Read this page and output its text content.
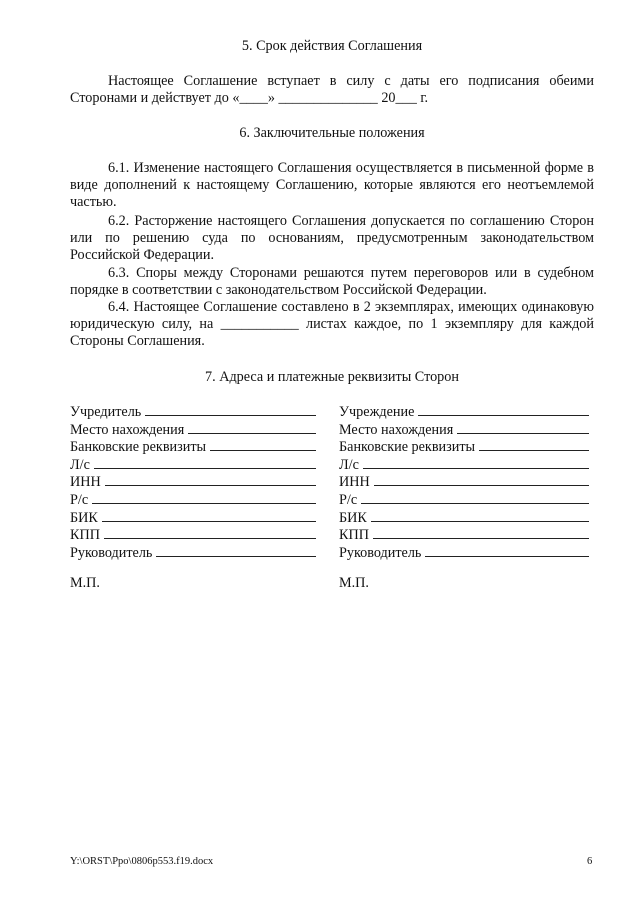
5. Срок действия Соглашения

Настоящее Соглашение вступает в силу с даты его подписания обеими Сторонами и действует до «____» ______________ 20___ г.

6. Заключительные положения

6.1. Изменение настоящего Соглашения осуществляется в письменной форме в виде дополнений к настоящему Соглашению, которые являются его неотъемлемой частью.

6.2. Расторжение настоящего Соглашения допускается по соглашению Сторон или по решению суда по основаниям, предусмотренным законодательством Российской Федерации.

6.3. Споры между Сторонами решаются путем переговоров или в судебном порядке в соответствии с законодательством Российской Федерации.

6.4. Настоящее Соглашение составлено в 2 экземплярах, имеющих одинаковую юридическую силу, на ___________ листах каждое, по 1 экземпляру для каждой Стороны Соглашения.

7. Адреса и платежные реквизиты Сторон
Учредитель
Место нахождения
Банковские реквизиты
Л/с
ИНН
Р/с
БИК
КПП
Руководитель
Учреждение
Место нахождения
Банковские реквизиты
Л/с
ИНН
Р/с
БИК
КПП
Руководитель
М.П.	М.П.
Y:\ORST\Ppo\0806p553.f19.docx	6
